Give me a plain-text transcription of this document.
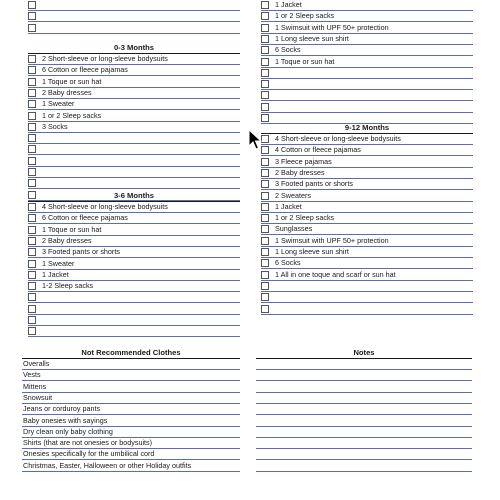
0-3 Months
2 Short-sleeve or long-sleeve bodysuits
6 Cotton or fleece pajamas
1 Toque or sun hat
2 Baby dresses
1 Sweater
1 or 2 Sleep sacks
3 Socks
3-6 Months
4 Short-sleeve or long-sleeve bodysuits
6 Cotton or fleece pajamas
1 Toque or sun hat
2 Baby dresses
3 Footed pants or shorts
1 Sweater
1 Jacket
1-2 Sleep sacks
1 Jacket
1 or 2 Sleep sacks
1 Swimsuit with UPF 50+ protection
1 Long sleeve sun shirt
6 Socks
1 Toque or sun hat
9-12 Months
4 Short-sleeve or long-sleeve bodysuits
4 Cotton or fleece pajamas
3 Fleece pajamas
2 Baby dresses
3 Footed pants or shorts
2 Sweaters
1 Jacket
1 or 2 Sleep sacks
Sunglasses
1 Swimsuit with UPF 50+ protection
1 Long sleeve sun shirt
6 Socks
1 All in one toque and scarf or sun hat
Not Recommended Clothes
Overalls
Vests
Mittens
Snowsuit
Jeans or corduroy pants
Baby onesies with sayings
Dry clean only baby clothing
Shirts (that are not onesies or bodysuits)
Onesies specifically for the umbilical cord
Christmas, Easter, Halloween or other Holiday outfits
Notes
